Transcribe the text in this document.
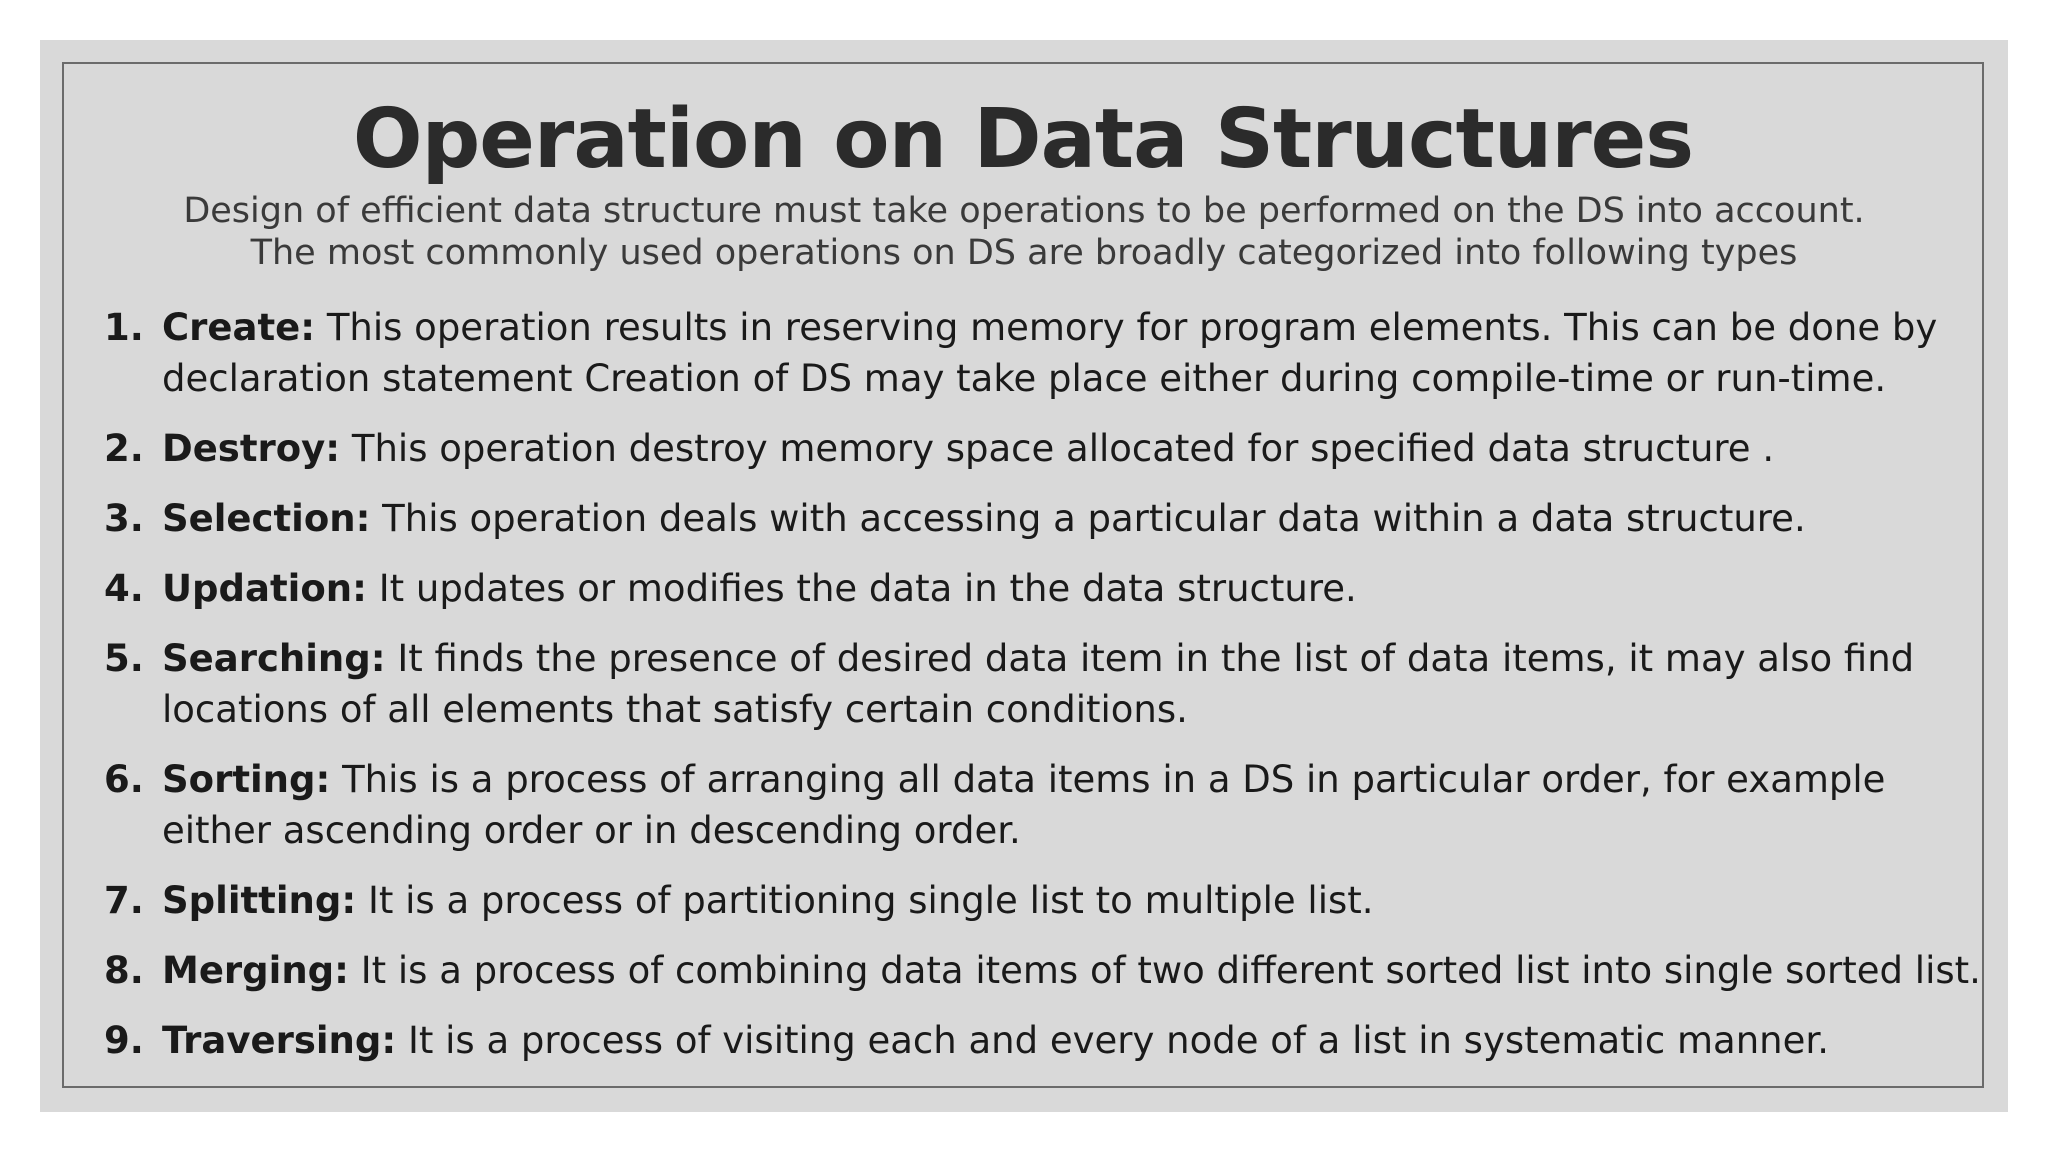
Operation on Data Structures

Design of efficient data structure must take operations to be performed on the DS into account.
The most commonly used operations on DS are broadly categorized into following types

1. Create: This operation results in reserving memory for program elements. This can be done by declaration statement Creation of DS may take place either during compile-time or run-time.
2. Destroy: This operation destroy memory space allocated for specified data structure .
3. Selection: This operation deals with accessing a particular data within a data structure.
4. Updation: It updates or modifies the data in the data structure.
5. Searching: It finds the presence of desired data item in the list of data items, it may also find locations of all elements that satisfy certain conditions.
6. Sorting: This is a process of arranging all data items in a DS in particular order, for example either ascending order or in descending order.
7. Splitting: It is a process of partitioning single list to multiple list.
8. Merging: It is a process of combining data items of two different sorted list into single sorted list.
9. Traversing: It is a process of visiting each and every node of a list in systematic manner.
